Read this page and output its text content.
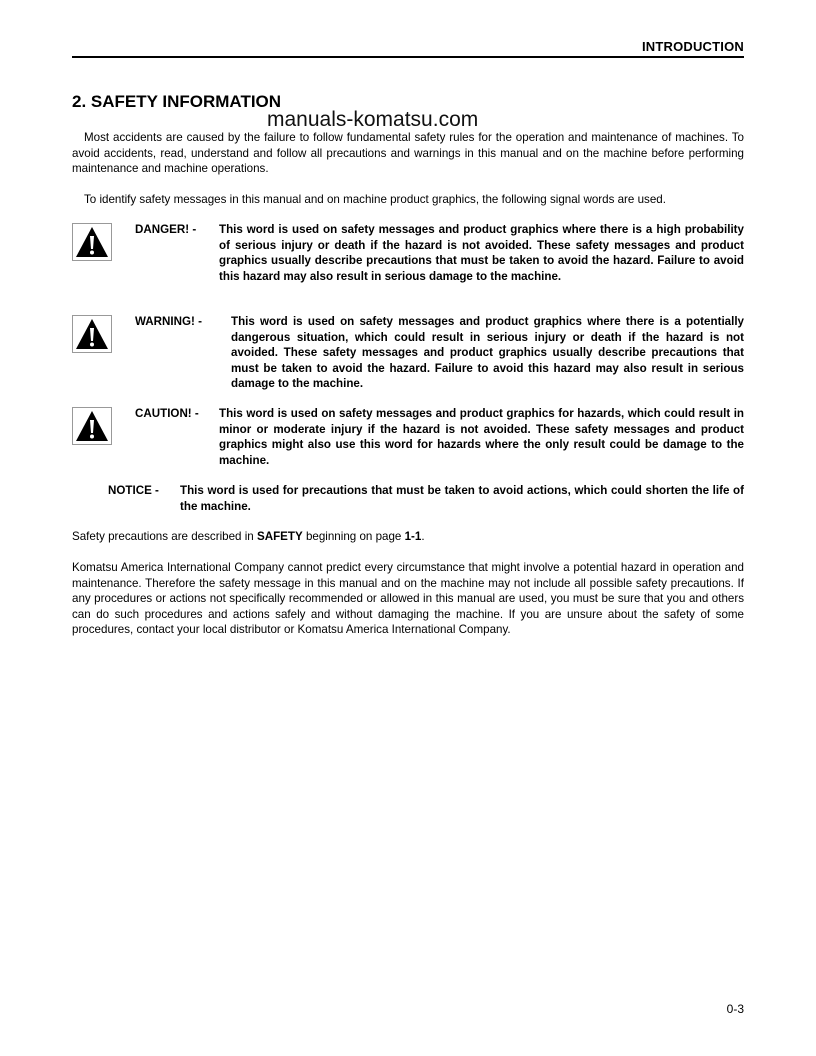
INTRODUCTION
2. SAFETY INFORMATION
manuals-komatsu.com
Most accidents are caused by the failure to follow fundamental safety rules for the operation and maintenance of machines. To avoid accidents, read, understand and follow all precautions and warnings in this manual and on the machine before performing maintenance and machine operations.
To identify safety messages in this manual and on machine product graphics, the following signal words are used.
DANGER! - This word is used on safety messages and product graphics where there is a high probability of serious injury or death if the hazard is not avoided. These safety messages and product graphics usually describe precautions that must be taken to avoid the hazard. Failure to avoid this hazard may also result in serious damage to the machine.
WARNING! -	This word is used on safety messages and product graphics where there is a potentially dangerous situation, which could result in serious injury or death if the hazard is not avoided. These safety messages and product graphics usually describe precautions that must be taken to avoid the hazard. Failure to avoid this hazard may also result in serious damage to the machine.
CAUTION! - This word is used on safety messages and product graphics for hazards, which could result in minor or moderate injury if the hazard is not avoided. These safety messages and product graphics might also use this word for hazards where the only result could be damage to the machine.
NOTICE - This word is used for precautions that must be taken to avoid actions, which could shorten the life of the machine.
Safety precautions are described in SAFETY beginning on page 1-1.
Komatsu America International Company cannot predict every circumstance that might involve a potential hazard in operation and maintenance. Therefore the safety message in this manual and on the machine may not include all possible safety precautions. If any procedures or actions not specifically recommended or allowed in this manual are used, you must be sure that you and others can do such procedures and actions safely and without damaging the machine. If you are unsure about the safety of some procedures, contact your local distributor or Komatsu America International Company.
0-3
